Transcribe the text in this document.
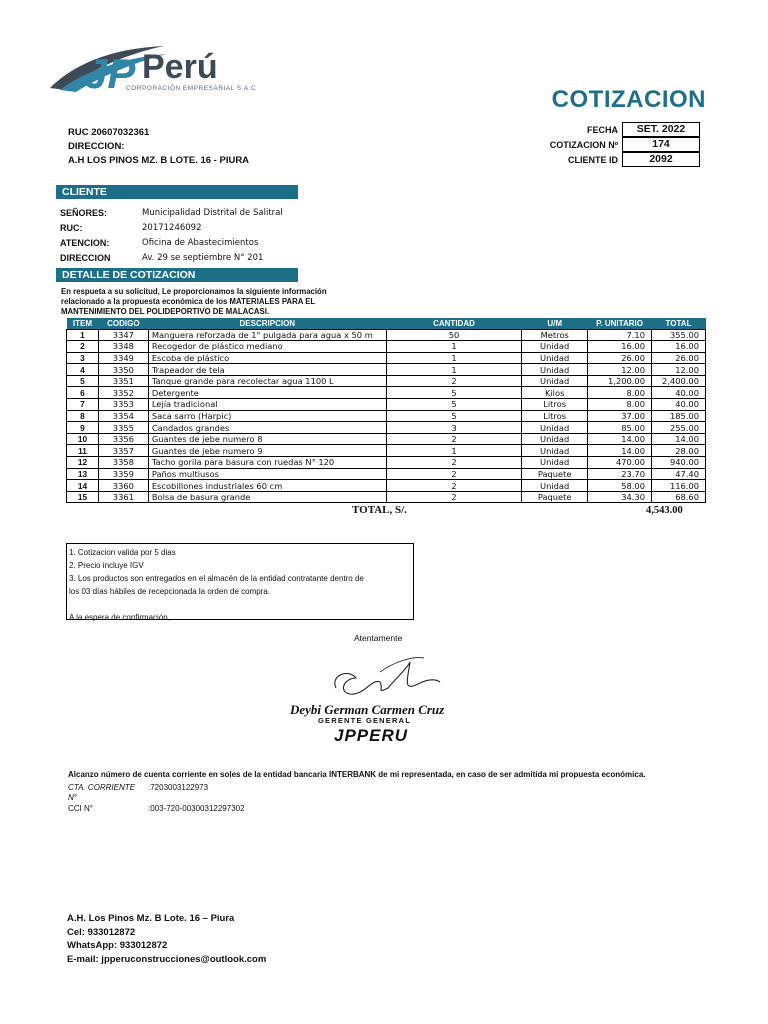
JP Perú
CORPORACIÓN EMPRESARIAL S.A.C	COTIZACION
RUC 20607032361
DIRECCION:
A.H LOS PINOS MZ. B LOTE. 16 - PIURA
FECHA	SET. 2022
COTIZACION Nº	174
CLIENTE ID	2092
CLIENTE
SEÑORES:	Municipalidad Distrital de Salitral
RUC:	20171246092
ATENCION:	Oficina de Abastecimientos
DIRECCION	Av. 29 se septiembre N° 201
DETALLE DE COTIZACION
En respueta a su solicitud, Le proporcionamos la siguiente información
relacionado a la propuesta económica de los MATERIALES PARA EL
MANTENIMIENTO DEL POLIDEPORTIVO DE MALACASI.
ITEM	CODIGO	DESCRIPCION	CANTIDAD	U/M	P. UNITARIO	TOTAL
1	3347	Manguera reforzada de 1" pulgada para agua x 50 m	50	Metros	7.10	355.00
2	3348	Recogedor de plástico mediano	1	Unidad	16.00	16.00
3	3349	Escoba de plástico	1	Unidad	26.00	26.00
4	3350	Trapeador de tela	1	Unidad	12.00	12.00
5	3351	Tanque grande para recolectar agua 1100 L	2	Unidad	1,200.00	2,400.00
6	3352	Detergente	5	Kilos	8.00	40.00
7	3353	Lejía tradicional	5	Litros	8.00	40.00
8	3354	Saca sarro (Harpic)	5	Litros	37.00	185.00
9	3355	Candados grandes	3	Unidad	85.00	255.00
10	3356	Guantes de jebe numero 8	2	Unidad	14.00	14.00
11	3357	Guantes de jebe numero 9	1	Unidad	14.00	28.00
12	3358	Tacho gorila para basura con ruedas N° 120	2	Unidad	470.00	940.00
13	3359	Paños multiusos	2	Paquete	23.70	47.40
14	3360	Escobillones industriales 60 cm	2	Unidad	58.00	116.00
15	3361	Bolsa de basura grande	2	Paquete	34.30	68.60
TOTAL, S/.	4,543.00
1. Cotizacion valida por 5 dias
2. Precio incluye IGV
3. Los productos son entregados en el almacén de la entidad contratante dentro de
los 03 días hábiles de recepcionada la orden de compra.
A la espera de confirmación,
Atentamente
Deybi German Carmen Cruz
GERENTE GENERAL
JPPERU
Alcanzo número de cuenta corriente en soles de la entidad bancaria INTERBANK de mi representada, en caso de ser admitida mi propuesta económica.
CTA. CORRIENTE	:7203003122973
N°
CCI N°	:003-720-00300312297302
A.H. Los Pinos Mz. B Lote. 16 – Piura
Cel: 933012872
WhatsApp: 933012872
E-mail: jpperuconstrucciones@outlook.com
